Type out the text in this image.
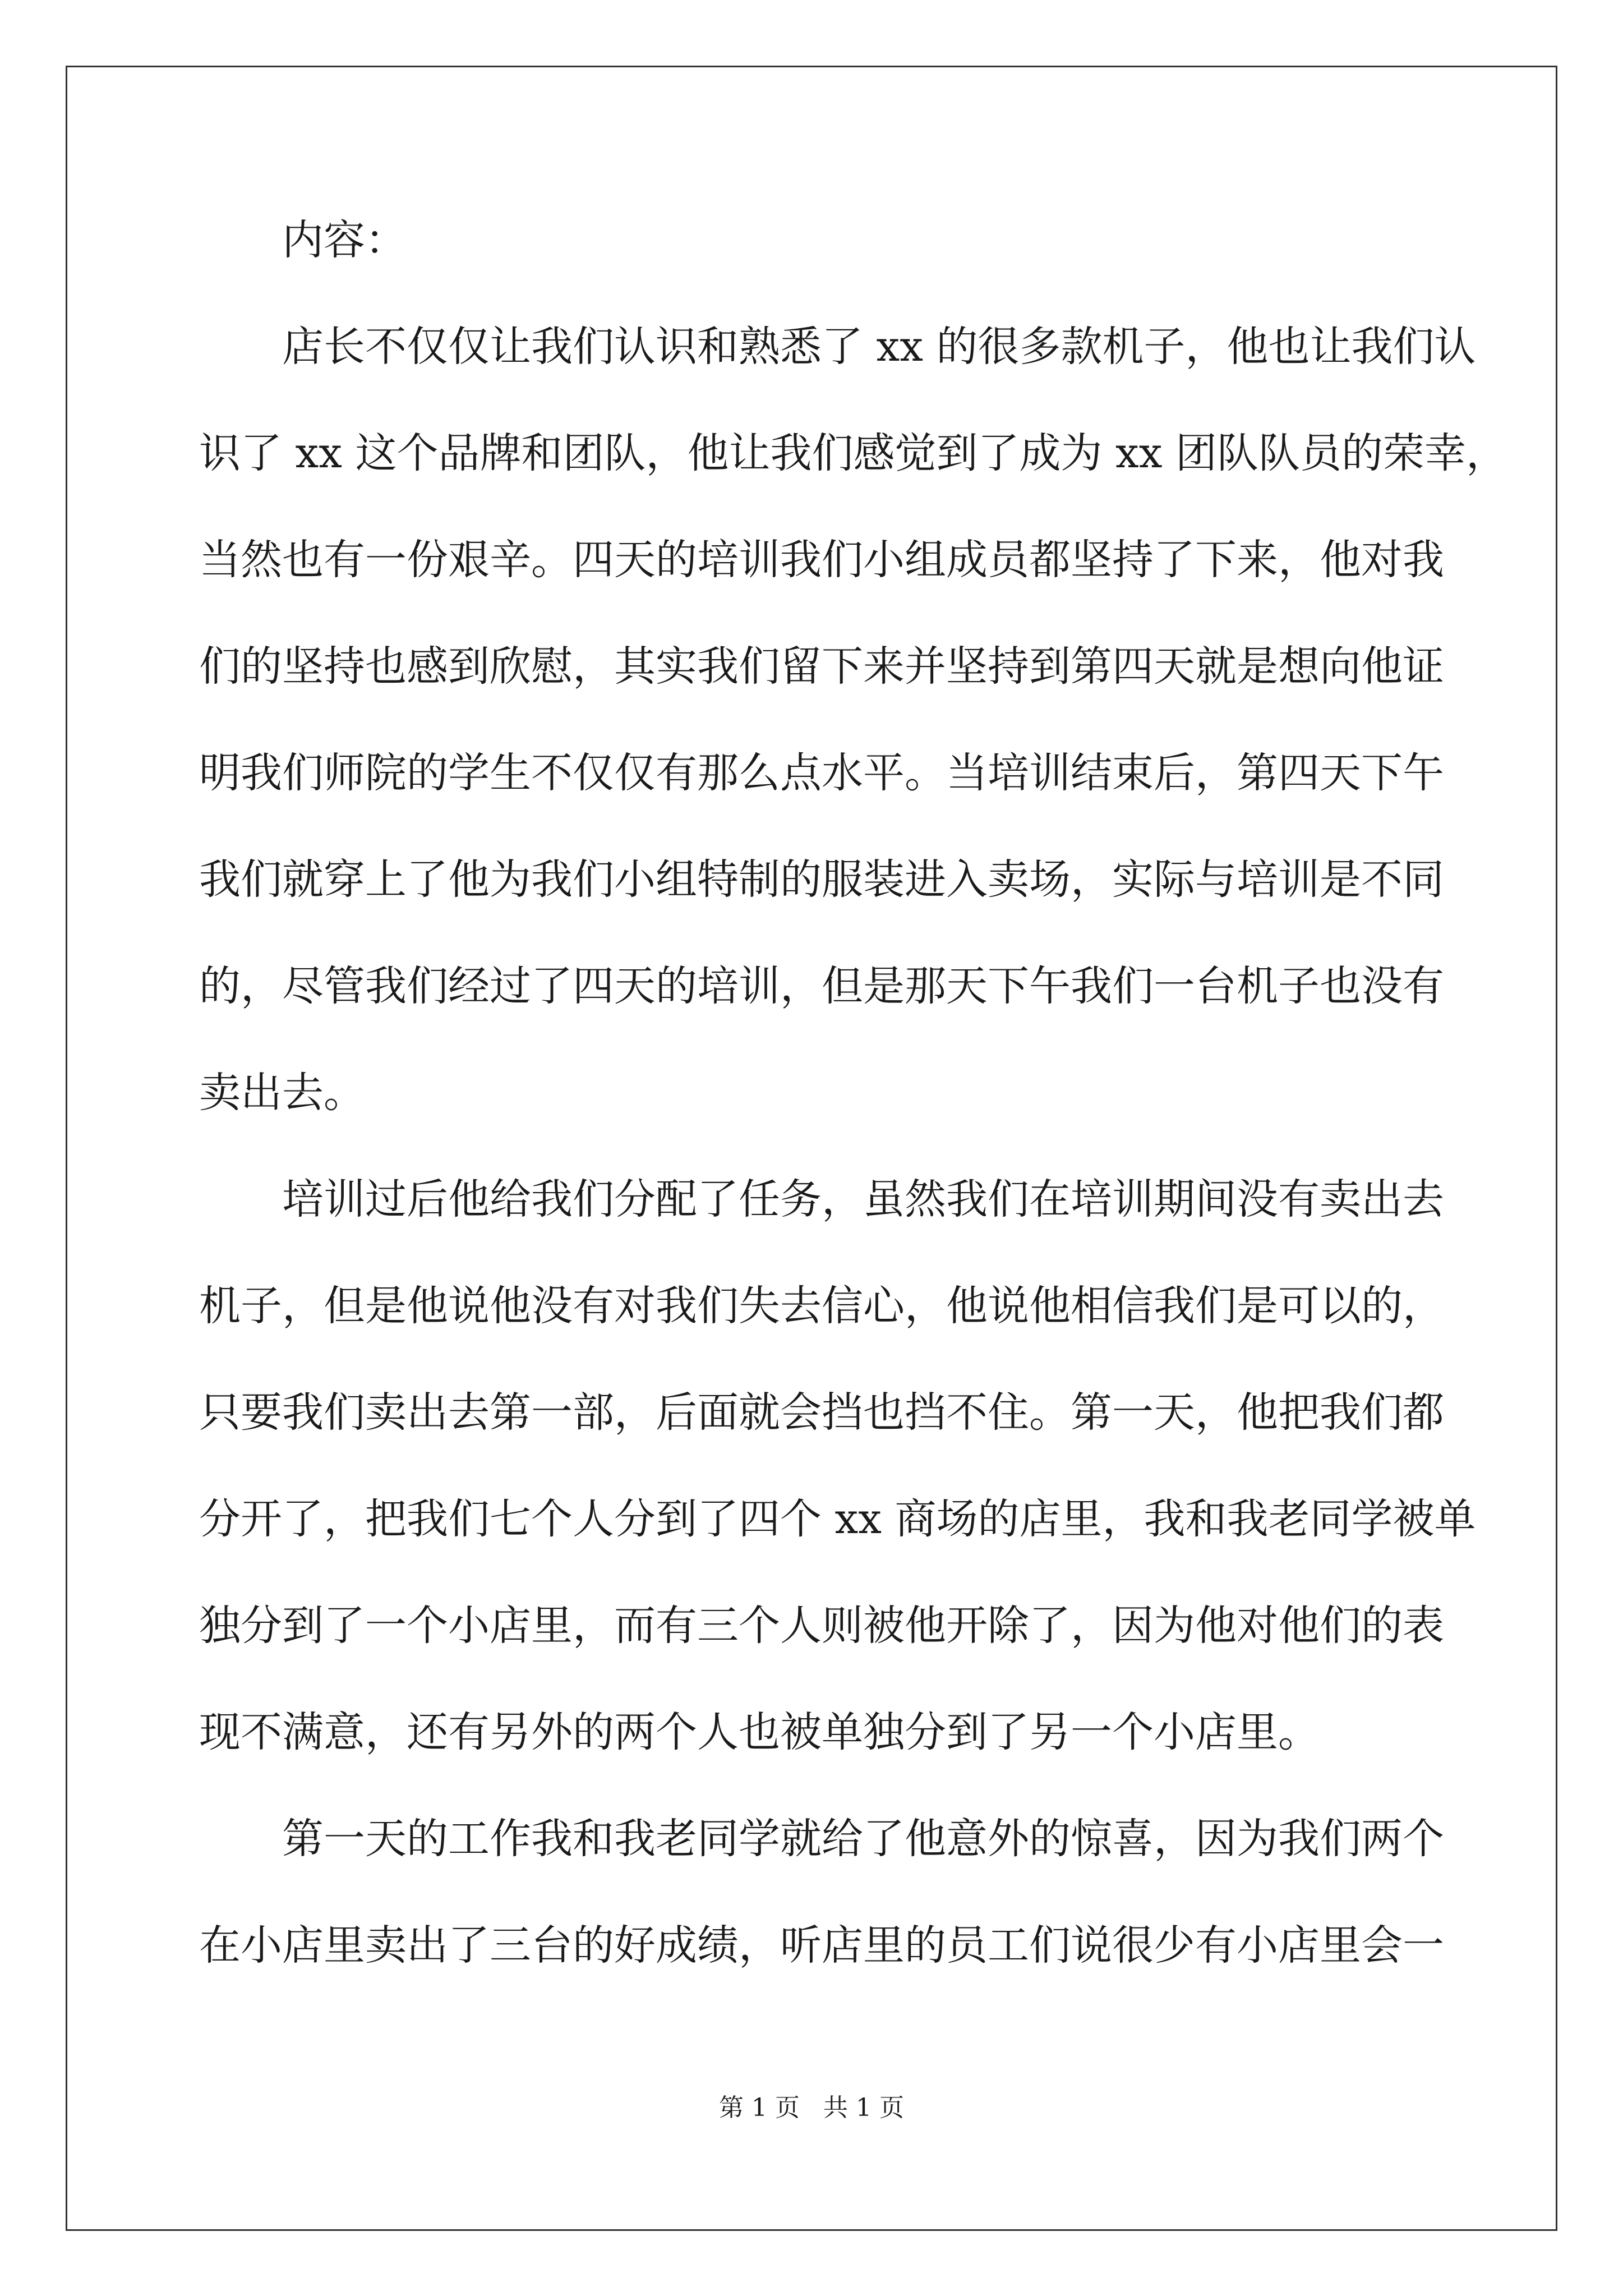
内容：
店长不仅仅让我们认识和熟悉了 xx 的很多款机子，他也让我们认
识了 xx 这个品牌和团队，他让我们感觉到了成为 xx 团队队员的荣幸，
当然也有一份艰辛。四天的培训我们小组成员都坚持了下来，他对我
们的坚持也感到欣慰，其实我们留下来并坚持到第四天就是想向他证
明我们师院的学生不仅仅有那么点水平。当培训结束后，第四天下午
我们就穿上了他为我们小组特制的服装进入卖场，实际与培训是不同
的，尽管我们经过了四天的培训，但是那天下午我们一台机子也没有
卖出去。
培训过后他给我们分配了任务，虽然我们在培训期间没有卖出去
机子，但是他说他没有对我们失去信心，他说他相信我们是可以的，
只要我们卖出去第一部，后面就会挡也挡不住。第一天，他把我们都
分开了，把我们七个人分到了四个 xx 商场的店里，我和我老同学被单
独分到了一个小店里，而有三个人则被他开除了，因为他对他们的表
现不满意，还有另外的两个人也被单独分到了另一个小店里。
第一天的工作我和我老同学就给了他意外的惊喜，因为我们两个
在小店里卖出了三台的好成绩，听店里的员工们说很少有小店里会一
第 1 页 共 1 页
